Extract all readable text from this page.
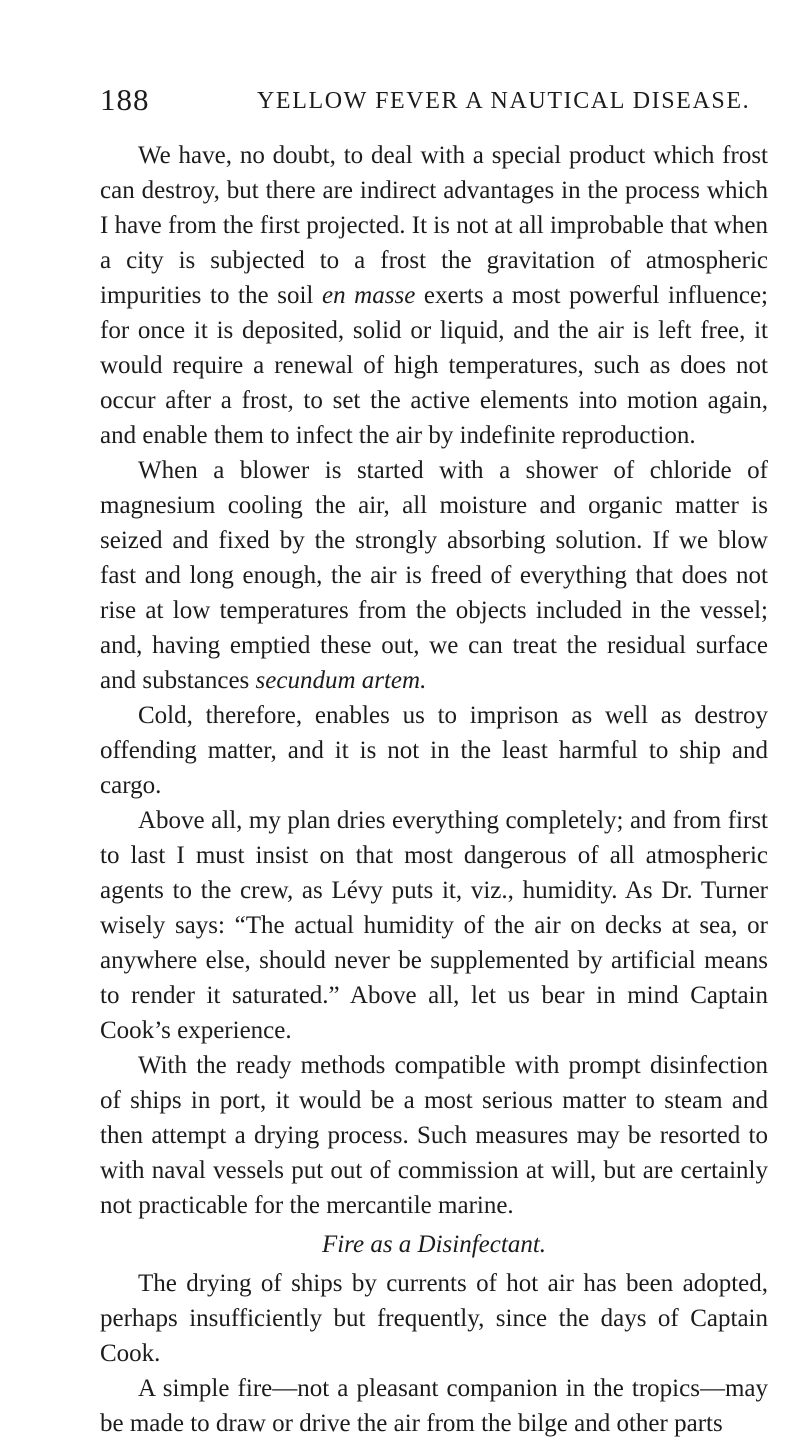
188	YELLOW FEVER A NAUTICAL DISEASE.

We have, no doubt, to deal with a special product which frost can destroy, but there are indirect advantages in the process which I have from the first projected. It is not at all improbable that when a city is subjected to a frost the gravitation of atmospheric impurities to the soil en masse exerts a most powerful influence; for once it is deposited, solid or liquid, and the air is left free, it would require a renewal of high temperatures, such as does not occur after a frost, to set the active elements into motion again, and enable them to infect the air by indefinite reproduction.

When a blower is started with a shower of chloride of magnesium cooling the air, all moisture and organic matter is seized and fixed by the strongly absorbing solution. If we blow fast and long enough, the air is freed of everything that does not rise at low temperatures from the objects included in the vessel; and, having emptied these out, we can treat the residual surface and substances secundum artem.

Cold, therefore, enables us to imprison as well as destroy offending matter, and it is not in the least harmful to ship and cargo.

Above all, my plan dries everything completely; and from first to last I must insist on that most dangerous of all atmospheric agents to the crew, as Lévy puts it, viz., humidity. As Dr. Turner wisely says: “The actual humidity of the air on decks at sea, or anywhere else, should never be supplemented by artificial means to render it saturated.” Above all, let us bear in mind Captain Cook’s experience.

With the ready methods compatible with prompt disinfection of ships in port, it would be a most serious matter to steam and then attempt a drying process. Such measures may be resorted to with naval vessels put out of commission at will, but are certainly not practicable for the mercantile marine.

Fire as a Disinfectant.

The drying of ships by currents of hot air has been adopted, perhaps insufficiently but frequently, since the days of Captain Cook.

A simple fire—not a pleasant companion in the tropics—may be made to draw or drive the air from the bilge and other parts
